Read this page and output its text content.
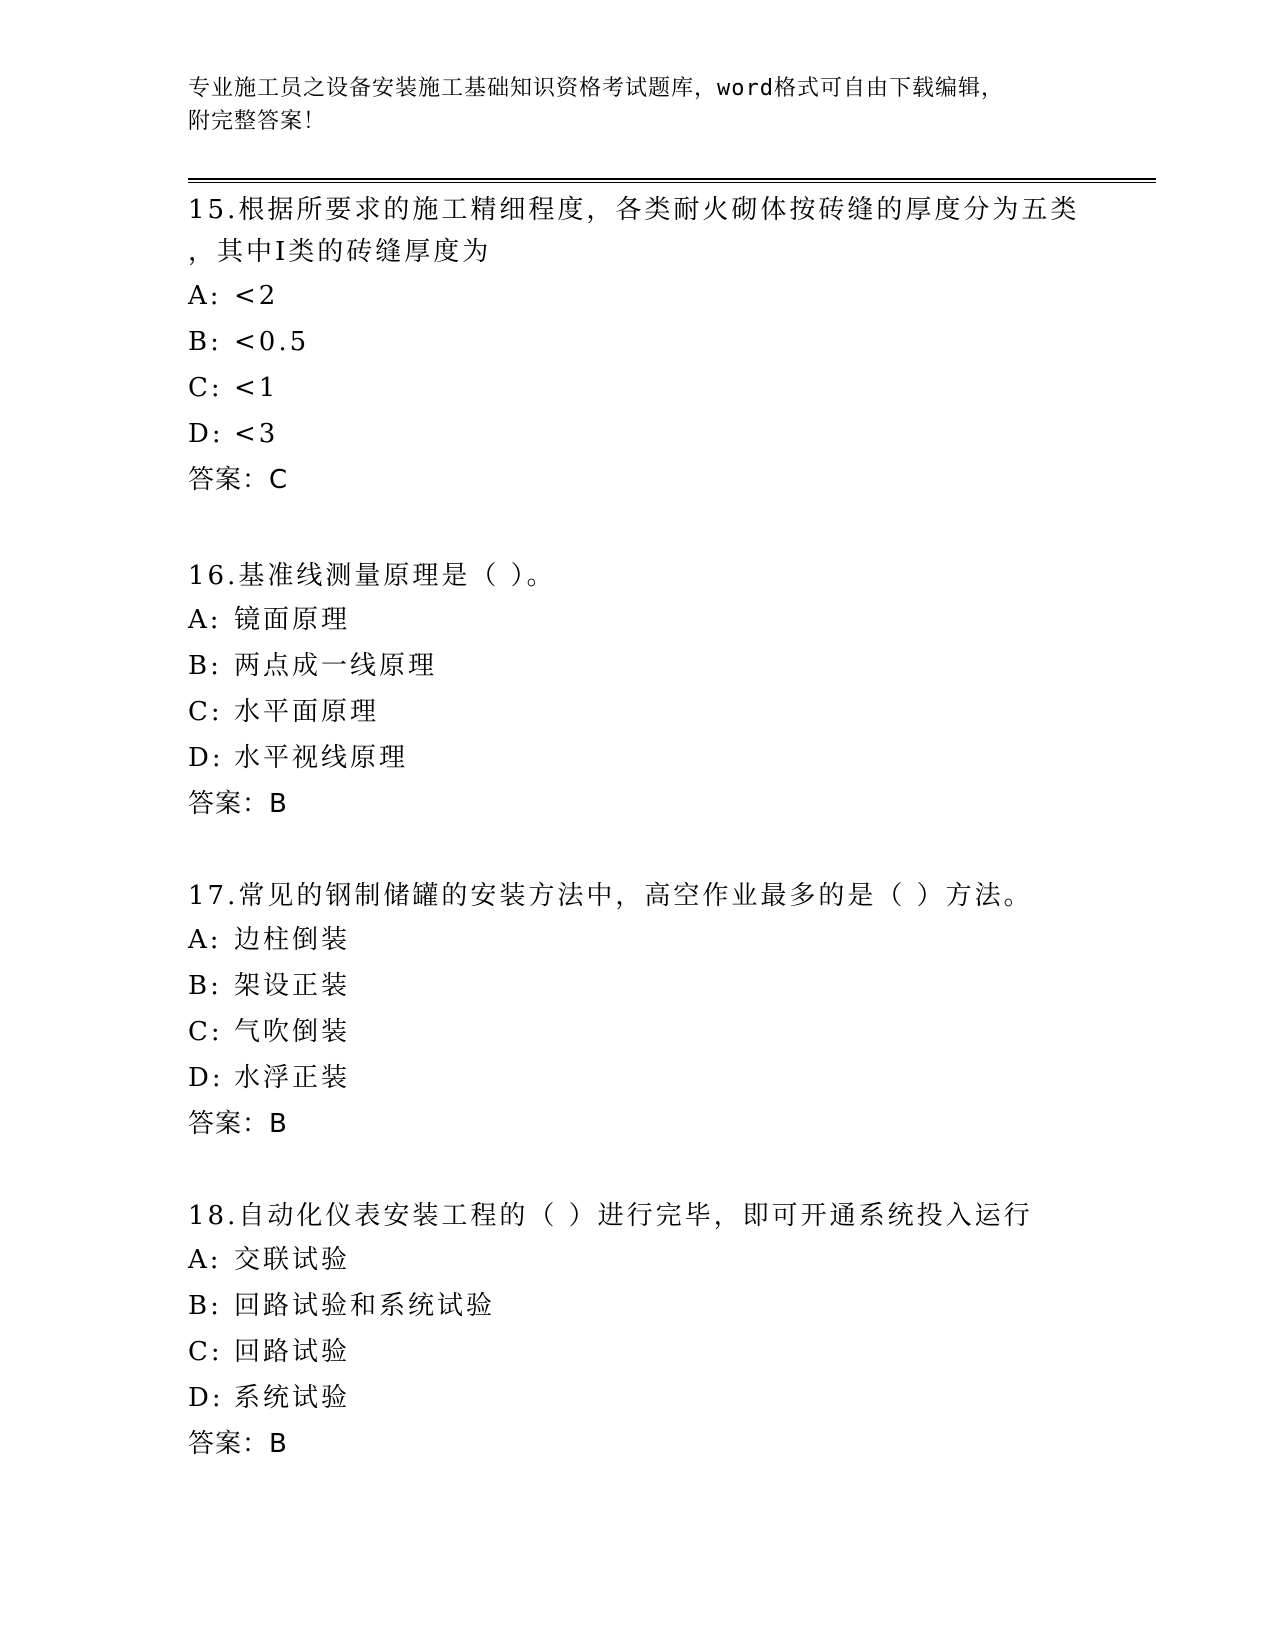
专业施工员之设备安装施工基础知识资格考试题库，word格式可自由下载编辑，
附完整答案！
15.根据所要求的施工精细程度，各类耐火砌体按砖缝的厚度分为五类
，其中Ⅰ类的砖缝厚度为
A: <2
B: <0.5
C: <1
D: <3
答案：C
16.基准线测量原理是（ ）。
A: 镜面原理
B: 两点成一线原理
C: 水平面原理
D: 水平视线原理
答案：B
17.常见的钢制储罐的安装方法中，高空作业最多的是（ ）方法。
A: 边柱倒装
B: 架设正装
C: 气吹倒装
D: 水浮正装
答案：B
18.自动化仪表安装工程的（ ）进行完毕，即可开通系统投入运行
A: 交联试验
B: 回路试验和系统试验
C: 回路试验
D: 系统试验
答案：B
